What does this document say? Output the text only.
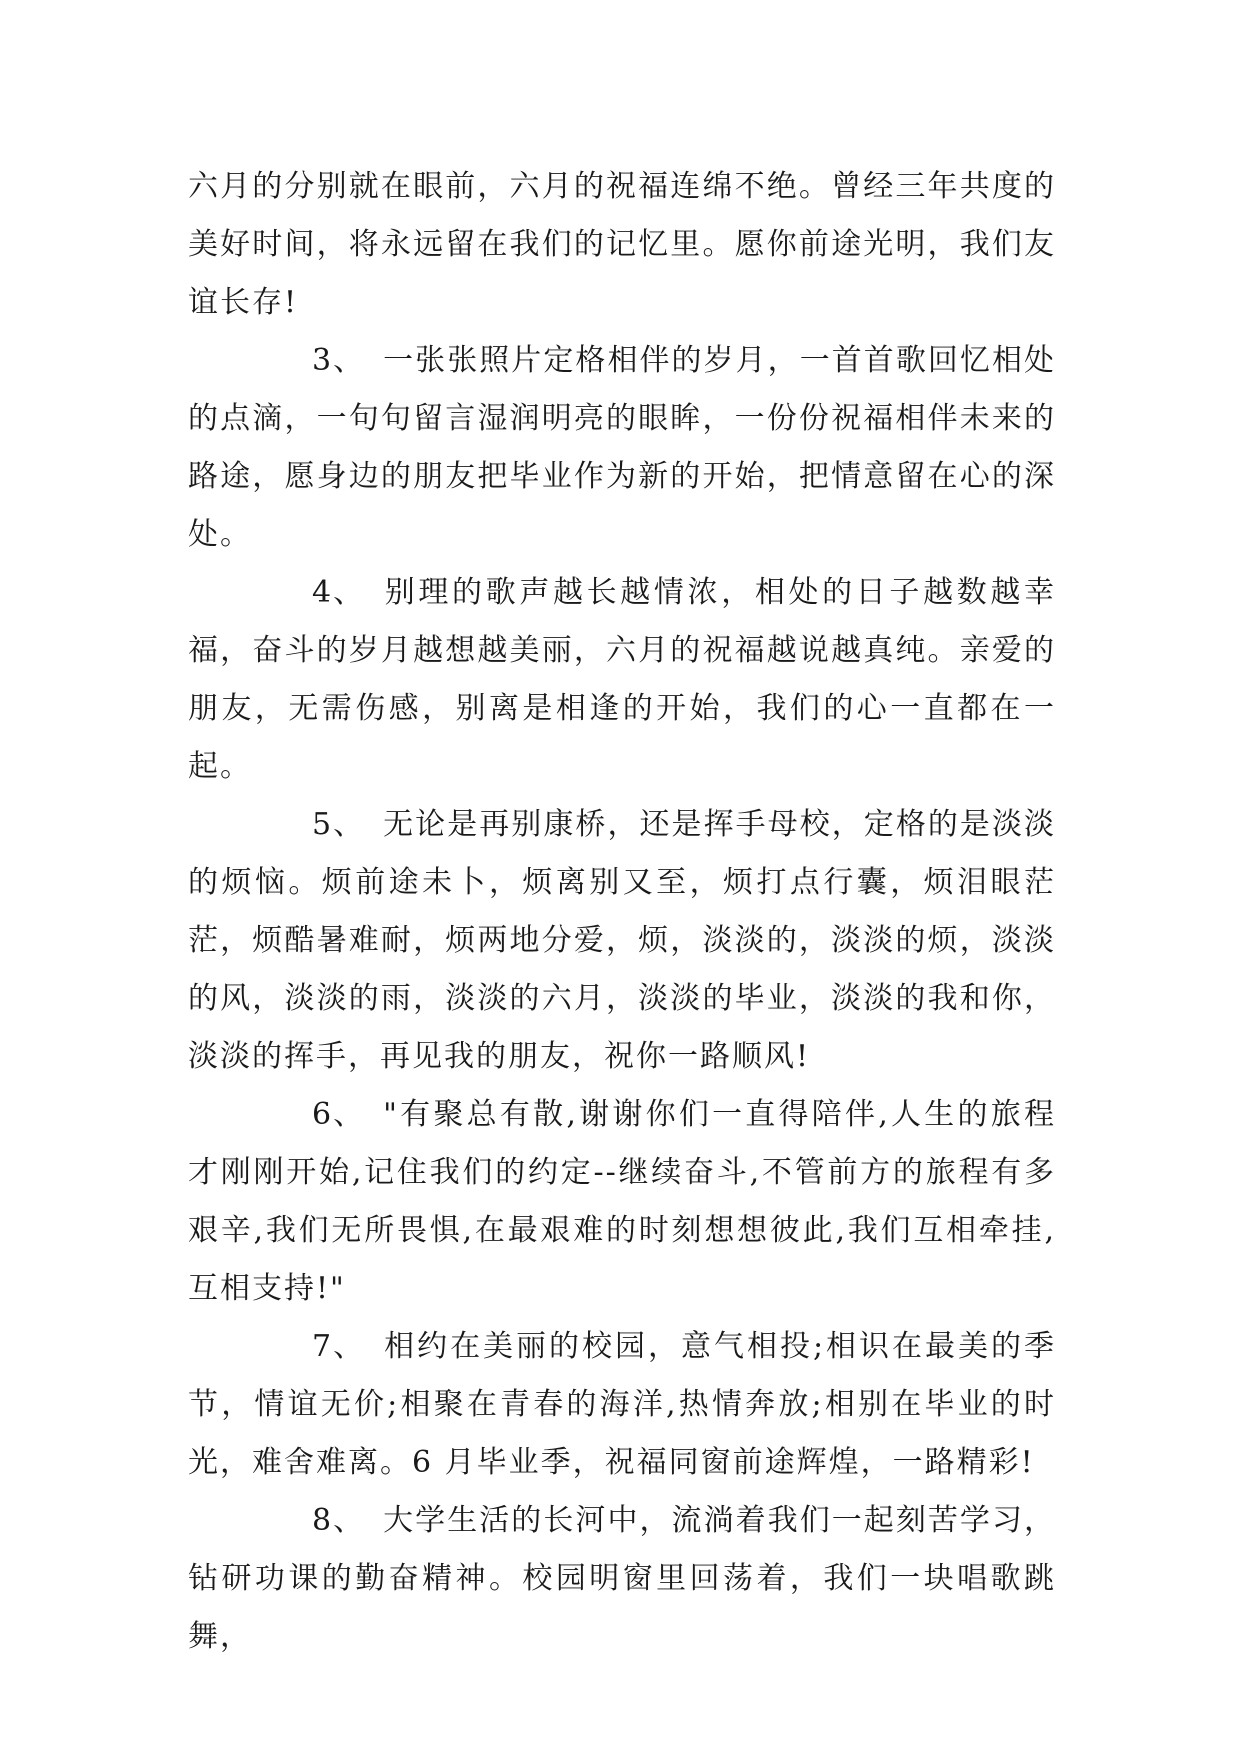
六月的分别就在眼前，六月的祝福连绵不绝。曾经三年共度的美好时间，将永远留在我们的记忆里。愿你前途光明，我们友谊长存!

3、 一张张照片定格相伴的岁月，一首首歌回忆相处的点滴，一句句留言湿润明亮的眼眸，一份份祝福相伴未来的路途，愿身边的朋友把毕业作为新的开始，把情意留在心的深处。

4、 别理的歌声越长越情浓，相处的日子越数越幸福，奋斗的岁月越想越美丽，六月的祝福越说越真纯。亲爱的朋友，无需伤感，别离是相逢的开始，我们的心一直都在一起。

5、 无论是再别康桥，还是挥手母校，定格的是淡淡的烦恼。烦前途未卜，烦离别又至，烦打点行囊，烦泪眼茫茫，烦酷暑难耐，烦两地分爱，烦，淡淡的，淡淡的烦，淡淡的风，淡淡的雨，淡淡的六月，淡淡的毕业，淡淡的我和你，淡淡的挥手，再见我的朋友，祝你一路顺风!

6、 "有聚总有散,谢谢你们一直得陪伴,人生的旅程才刚刚开始,记住我们的约定--继续奋斗,不管前方的旅程有多艰辛,我们无所畏惧,在最艰难的时刻想想彼此,我们互相牵挂,互相支持!"

7、 相约在美丽的校园，意气相投;相识在最美的季节，情谊无价;相聚在青春的海洋,热情奔放;相别在毕业的时光，难舍难离。6 月毕业季，祝福同窗前途辉煌，一路精彩!

8、 大学生活的长河中，流淌着我们一起刻苦学习，钻研功课的勤奋精神。校园明窗里回荡着，我们一块唱歌跳舞，
